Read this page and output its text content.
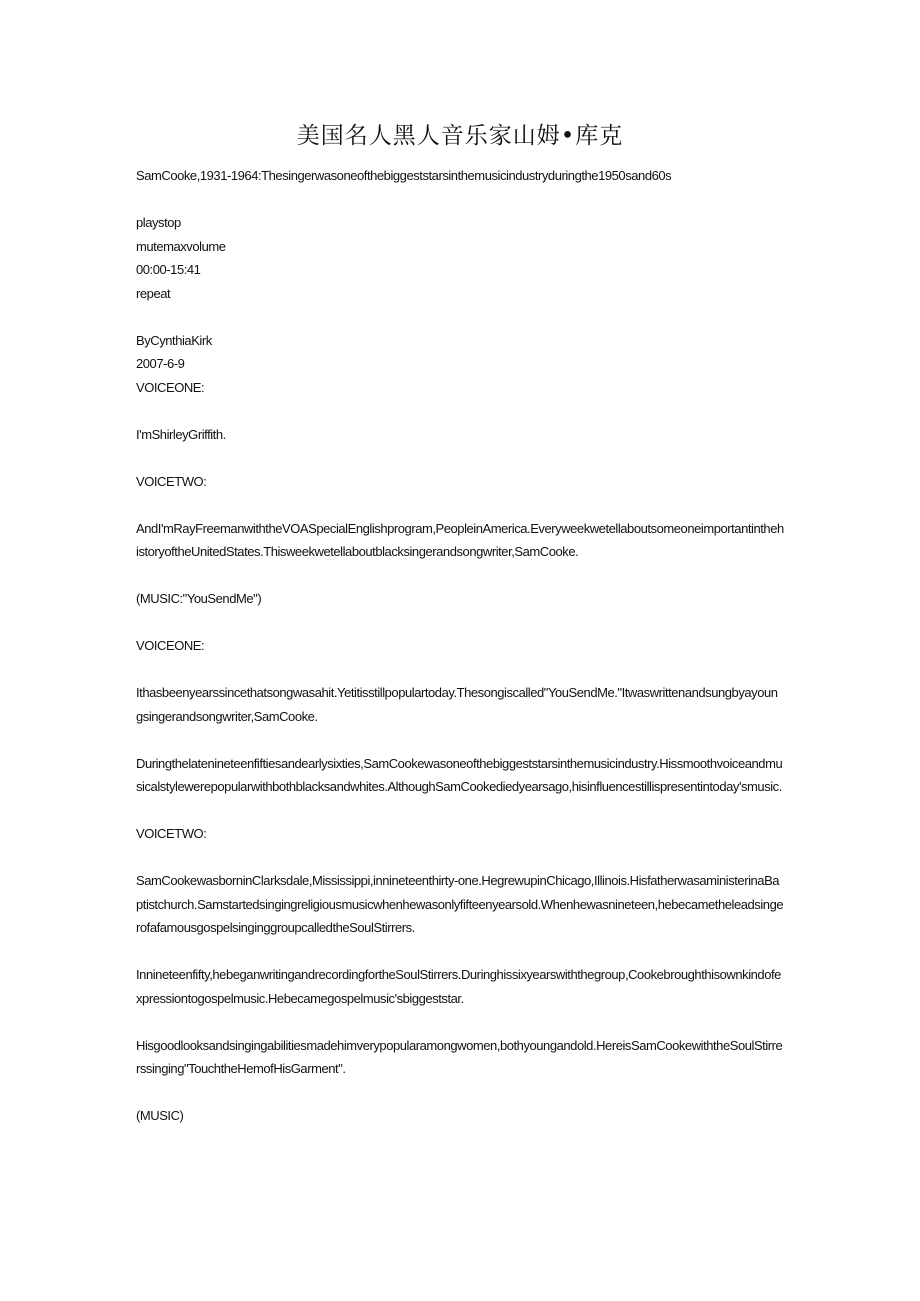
美国名人黑人音乐家山姆•库克

SamCooke,1931-1964:Thesingerwasoneofthebiggeststarsinthemusicindustryduringthe1950sand60s

playstop

mutemaxvolume

00:00-15:41

repeat

ByCynthiaKirk

2007-6-9

VOICEONE:

I'mShirleyGriffith.

VOICETWO:

AndI'mRayFreemanwiththeVOASpecialEnglishprogram,PeopleinAmerica.EveryweekwetellaboutsomeoneimportantinthehistoryoftheUnitedStates.Thisweekwetellaboutblacksingerandsongwriter,SamCooke.

(MUSIC:"YouSendMe")

VOICEONE:

Ithasbeenyearssincethatsongwasahit.Yetitisstillpopulartoday.Thesongiscalled"YouSendMe."Itwaswrittenandsungbyayoungsingerandsongwriter,SamCooke.

Duringthelatenineteenfiftiesandearlysixties,SamCookewasoneofthebiggeststarsinthemusicindustry.Hissmoothvoiceandmusicalstylewerepopularwithbothblacksandwhites.AlthoughSamCookediedyearsago,hisinfluencestillispresentintoday'smusic.

VOICETWO:

SamCookewasborninClarksdale,Mississippi,innineteenthirty-one.HegrewupinChicago,Illinois.HisfatherwasaministerinaBaptistchurch.Samstartedsingingreligiousmusicwhenhewasonlyfifteenyearsold.Whenhewasnineteen,hebecametheleadsingerofafamousgospelsinginggroupcalledtheSoulStirrers.

Innineteenfifty,hebeganwritingandrecordingfortheSoulStirrers.Duringhissixyearswiththegroup,Cookebroughthisownkindofexpressiontogospelmusic.Hebecamegospelmusic'sbiggeststar.

Hisgoodlooksandsingingabilitiesmadehimverypopularamongwomen,bothyoungandold.HereisSamCookewiththeSoulStirrerssinging"TouchtheHemofHisGarment".

(MUSIC)
